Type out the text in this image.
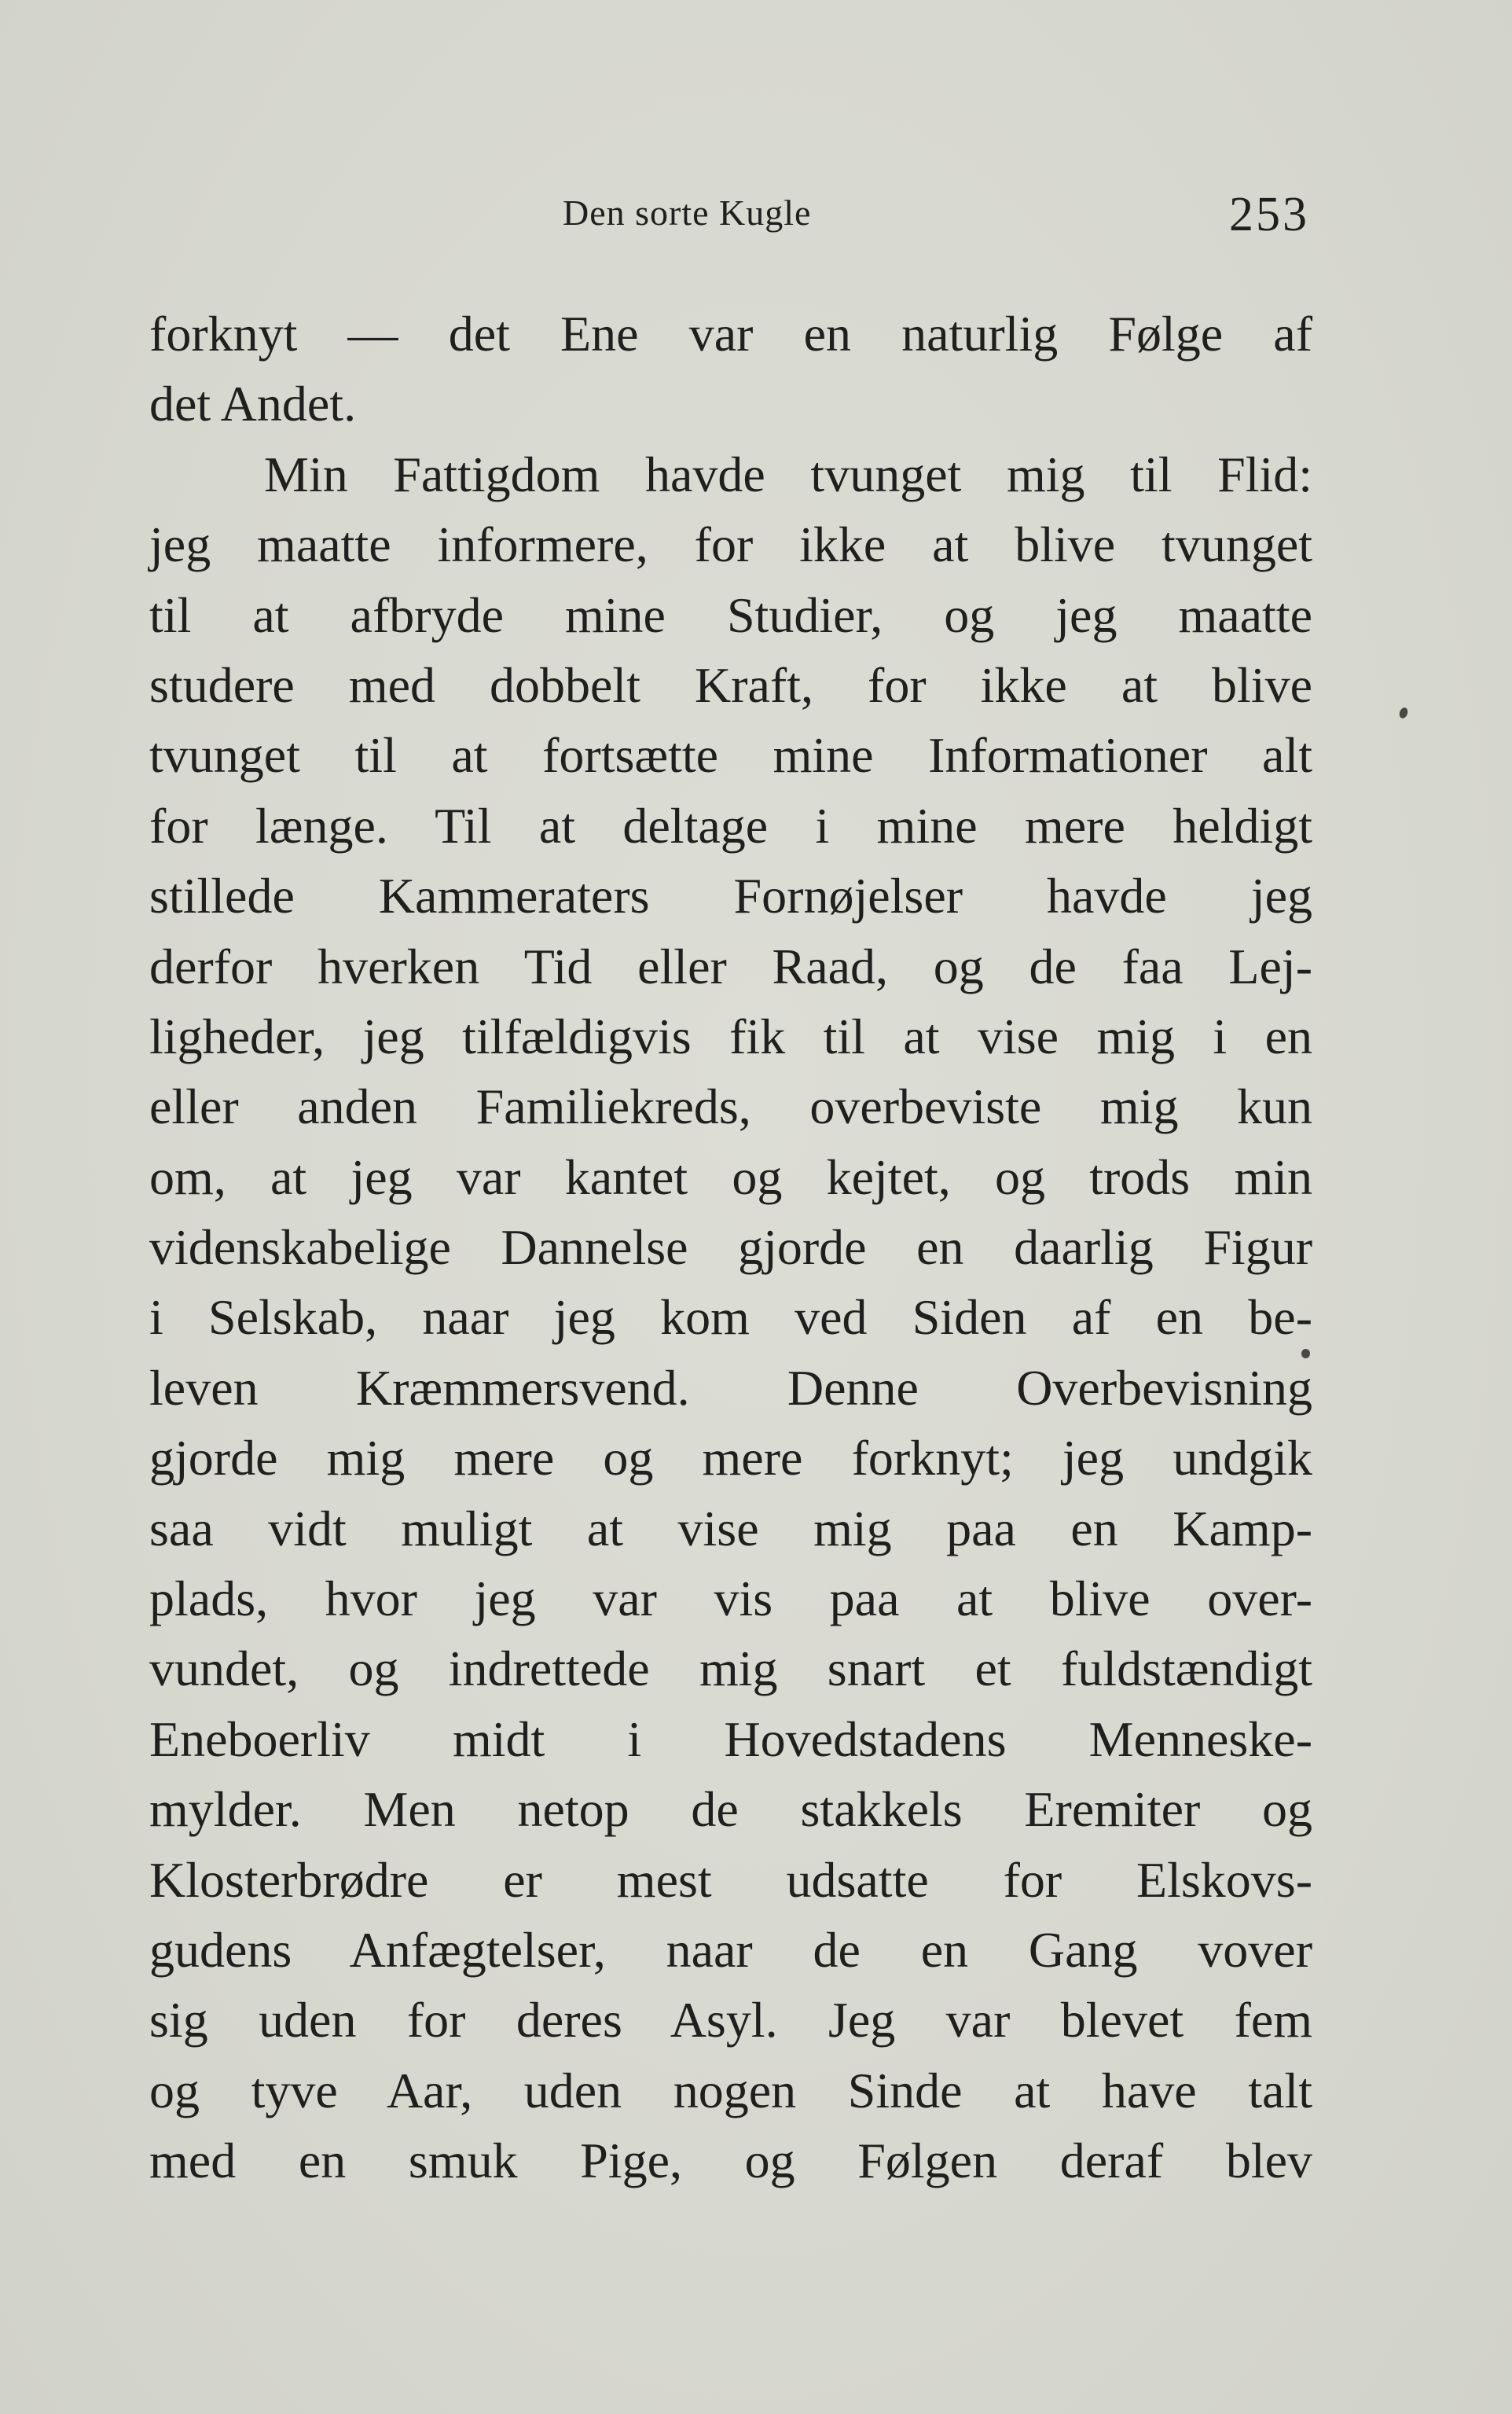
Den sorte Kugle	253
forknyt — det Ene var en naturlig Følge af
det Andet.
Min Fattigdom havde tvunget mig til Flid:
jeg maatte informere, for ikke at blive tvunget
til at afbryde mine Studier, og jeg maatte
studere med dobbelt Kraft, for ikke at blive
tvunget til at fortsætte mine Informationer alt
for længe. Til at deltage i mine mere heldigt
stillede Kammeraters Fornøjelser havde jeg
derfor hverken Tid eller Raad, og de faa Lej-
ligheder, jeg tilfældigvis fik til at vise mig i en
eller anden Familiekreds, overbeviste mig kun
om, at jeg var kantet og kejtet, og trods min
videnskabelige Dannelse gjorde en daarlig Figur
i Selskab, naar jeg kom ved Siden af en be-
leven Kræmmersvend. Denne Overbevisning
gjorde mig mere og mere forknyt; jeg undgik
saa vidt muligt at vise mig paa en Kamp-
plads, hvor jeg var vis paa at blive over-
vundet, og indrettede mig snart et fuldstændigt
Eneboerliv midt i Hovedstadens Menneske-
mylder. Men netop de stakkels Eremiter og
Klosterbrødre er mest udsatte for Elskovs-
gudens Anfægtelser, naar de en Gang vover
sig uden for deres Asyl. Jeg var blevet fem
og tyve Aar, uden nogen Sinde at have talt
med en smuk Pige, og Følgen deraf blev
